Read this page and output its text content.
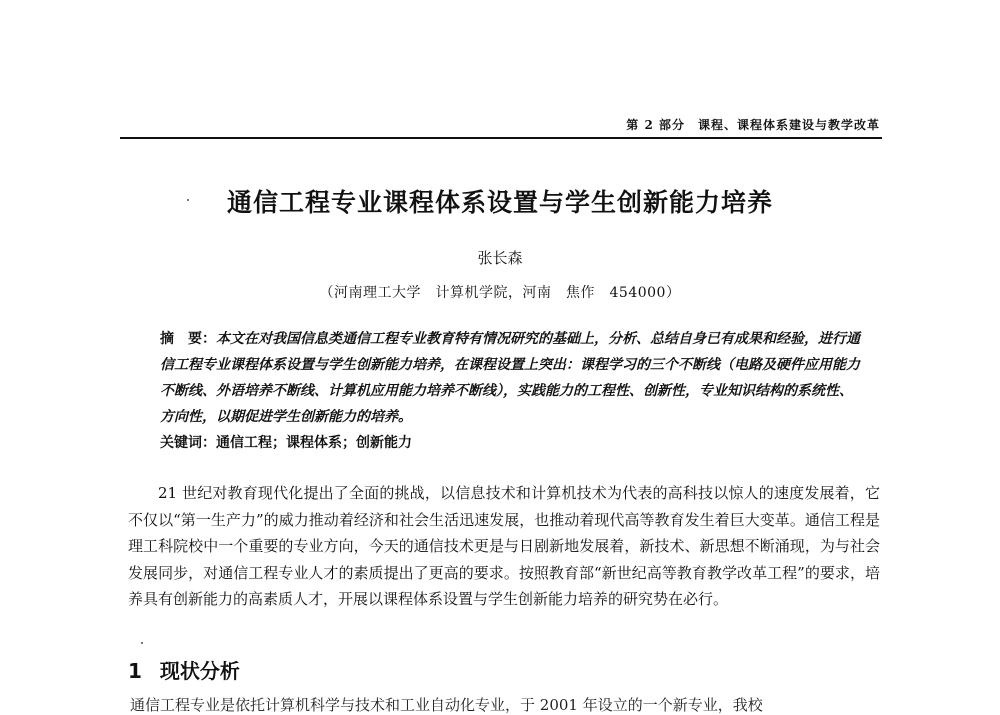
第 2 部分　课程、课程体系建设与教学改革
通信工程专业课程体系设置与学生创新能力培养
张长森
（河南理工大学　计算机学院，河南　焦作　454000）
摘　要：本文在对我国信息类通信工程专业教育特有情况研究的基础上，分析、总结自身已有成果和经验，进行通信工程专业课程体系设置与学生创新能力培养，在课程设置上突出：课程学习的三个不断线（电路及硬件应用能力不断线、外语培养不断线、计算机应用能力培养不断线），实践能力的工程性、创新性，专业知识结构的系统性、方向性，以期促进学生创新能力的培养。
关键词：通信工程；课程体系；创新能力

21 世纪对教育现代化提出了全面的挑战，以信息技术和计算机技术为代表的高科技以惊人的速度发展着，它不仅以“第一生产力”的威力推动着经济和社会生活迅速发展，也推动着现代高等教育发生着巨大变革。通信工程是理工科院校中一个重要的专业方向，今天的通信技术更是与日剧新地发展着，新技术、新思想不断涌现，为与社会发展同步，对通信工程专业人才的素质提出了更高的要求。按照教育部“新世纪高等教育教学改革工程”的要求，培养具有创新能力的高素质人才，开展以课程体系设置与学生创新能力培养的研究势在必行。

1 现状分析
通信工程专业是依托计算机科学与技术和工业自动化专业，于 2001 年设立的一个新专业，我校
